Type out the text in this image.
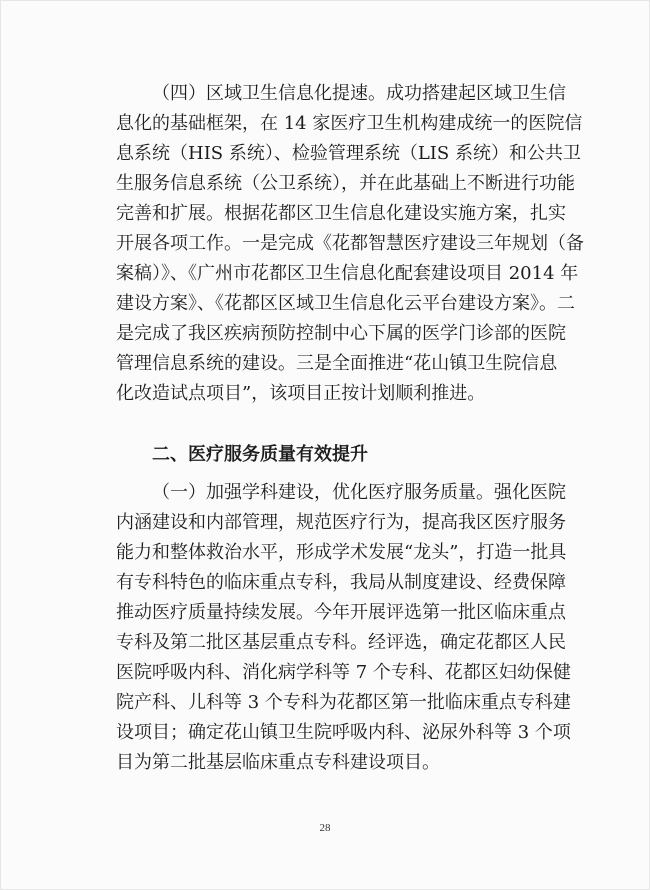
（四）区域卫生信息化提速。成功搭建起区域卫生信
息化的基础框架，在 14 家医疗卫生机构建成统一的医院信
息系统（HIS 系统）、检验管理系统（LIS 系统）和公共卫
生服务信息系统（公卫系统），并在此基础上不断进行功能
完善和扩展。根据花都区卫生信息化建设实施方案，扎实
开展各项工作。一是完成《花都智慧医疗建设三年规划（备
案稿）》、《广州市花都区卫生信息化配套建设项目 2014 年
建设方案》、《花都区区域卫生信息化云平台建设方案》。二
是完成了我区疾病预防控制中心下属的医学门诊部的医院
管理信息系统的建设。三是全面推进“花山镇卫生院信息
化改造试点项目”，该项目正按计划顺利推进。
二、医疗服务质量有效提升
（一）加强学科建设，优化医疗服务质量。强化医院
内涵建设和内部管理，规范医疗行为，提高我区医疗服务
能力和整体救治水平，形成学术发展“龙头”，打造一批具
有专科特色的临床重点专科，我局从制度建设、经费保障
推动医疗质量持续发展。今年开展评选第一批区临床重点
专科及第二批区基层重点专科。经评选，确定花都区人民
医院呼吸内科、消化病学科等 7 个专科、花都区妇幼保健
院产科、儿科等 3 个专科为花都区第一批临床重点专科建
设项目；确定花山镇卫生院呼吸内科、泌尿外科等 3 个项
目为第二批基层临床重点专科建设项目。
28
